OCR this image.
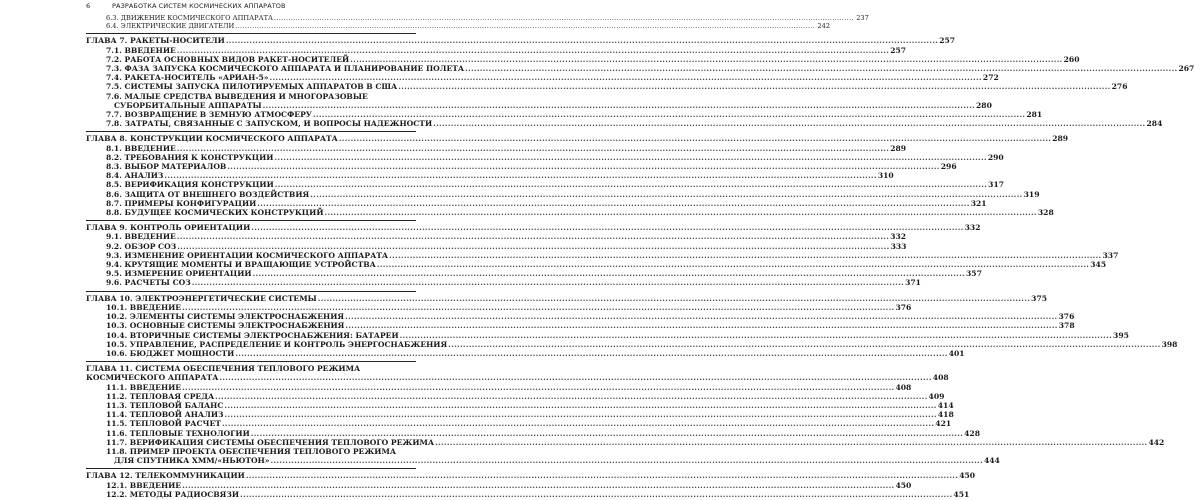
6	РАЗРАБОТКА СИСТЕМ КОСМИЧЕСКИХ АППАРАТОВ
6.3. ДВИЖЕНИЕ КОСМИЧЕСКОГО АППАРАТА .....	237
6.4. ЭЛЕКТРИЧЕСКИЕ ДВИГАТЕЛИ .....	242
ГЛАВА 7. РАКЕТЫ-НОСИТЕЛИ .....	257
7.1. ВВЕДЕНИЕ .....	257
7.2. РАБОТА ОСНОВНЫХ ВИДОВ РАКЕТ-НОСИТЕЛЕЙ .....	260
7.3. ФАЗА ЗАПУСКА КОСМИЧЕСКОГО АППАРАТА И ПЛАНИРОВАНИЕ ПОЛЕТА .....	267
7.4. РАКЕТА-НОСИТЕЛЬ «АРИАН-5» .....	272
7.5. СИСТЕМЫ ЗАПУСКА ПИЛОТИРУЕМЫХ АППАРАТОВ В США .....	276
7.6. МАЛЫЕ СРЕДСТВА ВЫВЕДЕНИЯ И МНОГОРАЗОВЫЕ
СУБОРБИТАЛЬНЫЕ АППАРАТЫ .....	280
7.7. ВОЗВРАЩЕНИЕ В ЗЕМНУЮ АТМОСФЕРУ .....	281
7.8. ЗАТРАТЫ, СВЯЗАННЫЕ С ЗАПУСКОМ, И ВОПРОСЫ НАДЕЖНОСТИ .....	284
ГЛАВА 8. КОНСТРУКЦИИ КОСМИЧЕСКОГО АППАРАТА .....	289
8.1. ВВЕДЕНИЕ .....	289
8.2. ТРЕБОВАНИЯ К КОНСТРУКЦИИ .....	290
8.3. ВЫБОР МАТЕРИАЛОВ .....	296
8.4. АНАЛИЗ .....	310
8.5. ВЕРИФИКАЦИЯ КОНСТРУКЦИИ .....	317
8.6. ЗАЩИТА ОТ ВНЕШНЕГО ВОЗДЕЙСТВИЯ .....	319
8.7. ПРИМЕРЫ КОНФИГУРАЦИИ .....	321
8.8. БУДУЩЕЕ КОСМИЧЕСКИХ КОНСТРУКЦИЙ .....	328
ГЛАВА 9. КОНТРОЛЬ ОРИЕНТАЦИИ .....	332
9.1. ВВЕДЕНИЕ .....	332
9.2. ОБЗОР СОЗ .....	333
9.3. ИЗМЕНЕНИЕ ОРИЕНТАЦИИ КОСМИЧЕСКОГО АППАРАТА .....	337
9.4. КРУТЯЩИЕ МОМЕНТЫ И ВРАЩАЮЩИЕ УСТРОЙСТВА .....	345
9.5. ИЗМЕРЕНИЕ ОРИЕНТАЦИИ .....	357
9.6. РАСЧЕТЫ СОЗ .....	371
ГЛАВА 10. ЭЛЕКТРОЭНЕРГЕТИЧЕСКИЕ СИСТЕМЫ .....	375
10.1. ВВЕДЕНИЕ .....	376
10.2. ЭЛЕМЕНТЫ СИСТЕМЫ ЭЛЕКТРОСНАБЖЕНИЯ .....	376
10.3. ОСНОВНЫЕ СИСТЕМЫ ЭЛЕКТРОСНАБЖЕНИЯ .....	378
10.4. ВТОРИЧНЫЕ СИСТЕМЫ ЭЛЕКТРОСНАБЖЕНИЯ: БАТАРЕИ .....	395
10.5. УПРАВЛЕНИЕ, РАСПРЕДЕЛЕНИЕ И КОНТРОЛЬ ЭНЕРГОСНАБЖЕНИЯ .....	398
10.6. БЮДЖЕТ МОЩНОСТИ .....	401
ГЛАВА 11. СИСТЕМА ОБЕСПЕЧЕНИЯ ТЕПЛОВОГО РЕЖИМА
КОСМИЧЕСКОГО АППАРАТА .....	408
11.1. ВВЕДЕНИЕ .....	408
11.2. ТЕПЛОВАЯ СРЕДА .....	409
11.3. ТЕПЛОВОЙ БАЛАНС .....	414
11.4. ТЕПЛОВОЙ АНАЛИЗ .....	418
11.5. ТЕПЛОВОЙ РАСЧЕТ .....	421
11.6. ТЕПЛОВЫЕ ТЕХНОЛОГИИ .....	428
11.7. ВЕРИФИКАЦИЯ СИСТЕМЫ ОБЕСПЕЧЕНИЯ ТЕПЛОВОГО РЕЖИМА .....	442
11.8. ПРИМЕР ПРОЕКТА ОБЕСПЕЧЕНИЯ ТЕПЛОВОГО РЕЖИМА
ДЛЯ СПУТНИКА XMM/«НЬЮТОН» .....	444
ГЛАВА 12. ТЕЛЕКОММУНИКАЦИИ .....	450
12.1. ВВЕДЕНИЕ .....	450
12.2. МЕТОДЫ РАДИОСВЯЗИ .....	451
